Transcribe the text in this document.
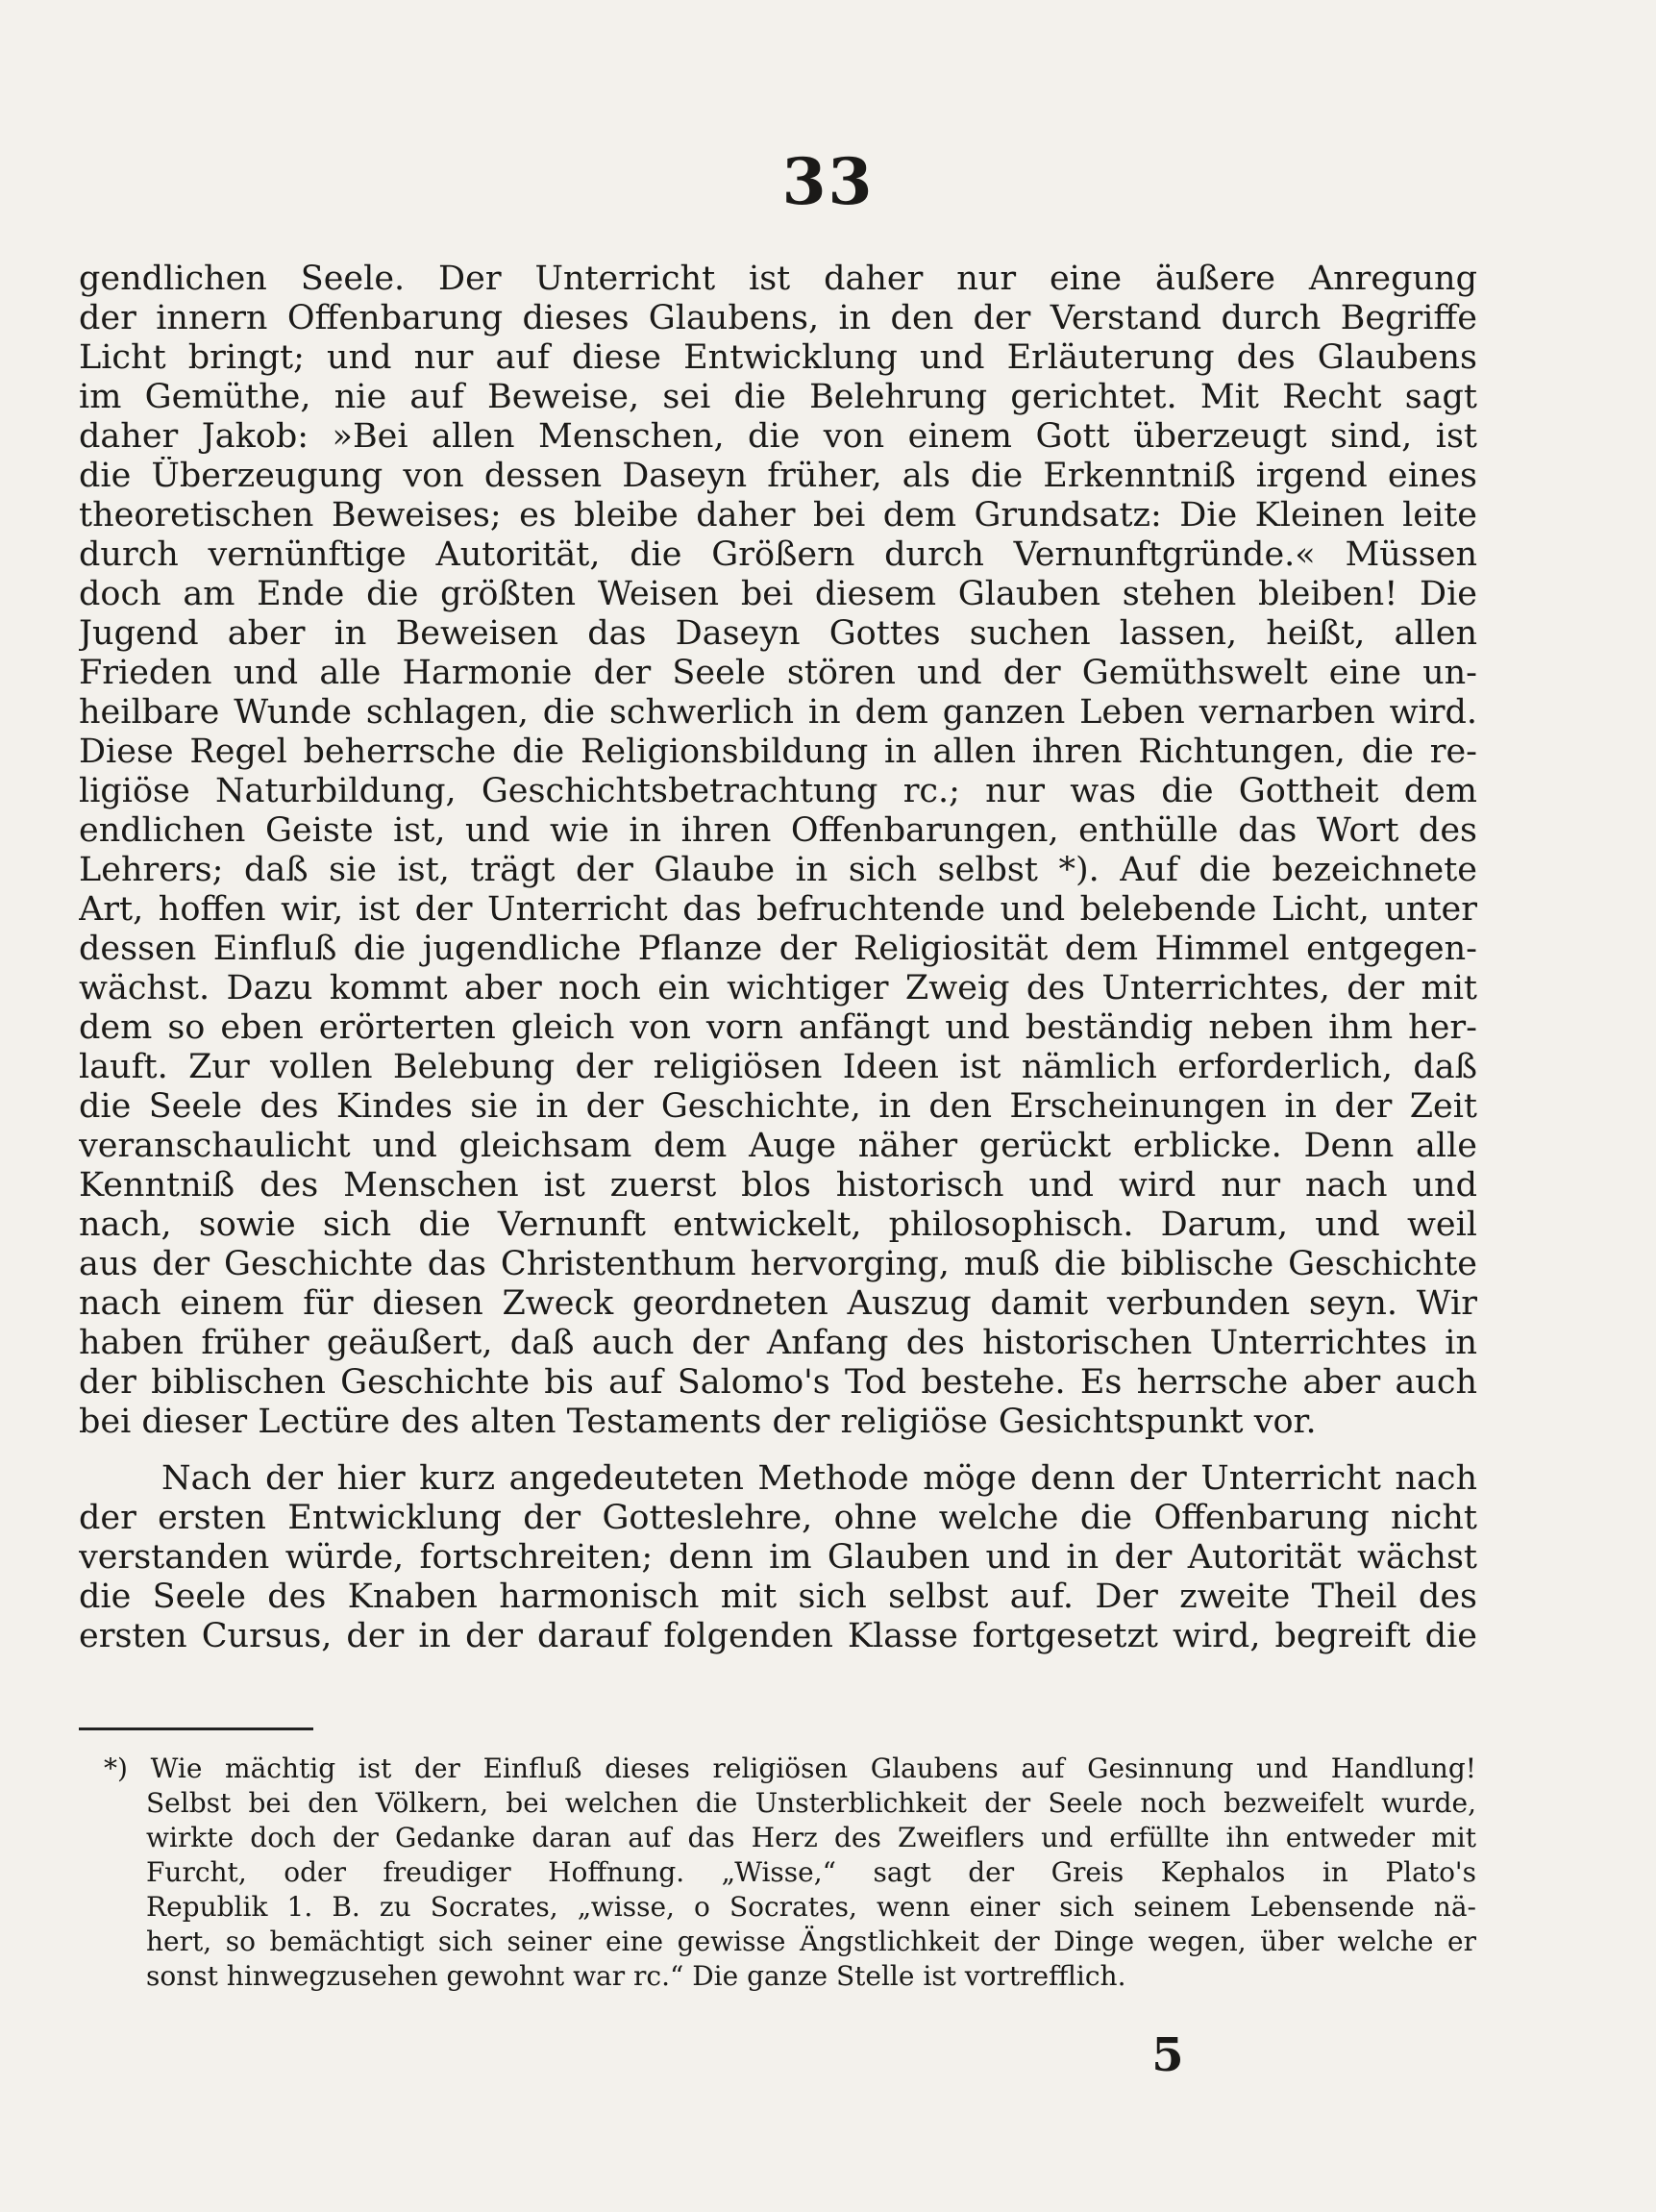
33
gendlichen Seele. Der Unterricht ist daher nur eine äußere Anregung
der innern Offenbarung dieses Glaubens, in den der Verstand durch Begriffe
Licht bringt; und nur auf diese Entwicklung und Erläuterung des Glaubens
im Gemüthe, nie auf Beweise, sei die Belehrung gerichtet. Mit Recht sagt
daher Jakob: »Bei allen Menschen, die von einem Gott überzeugt sind, ist
die Überzeugung von dessen Daseyn früher, als die Erkenntniß irgend eines
theoretischen Beweises; es bleibe daher bei dem Grundsatz: Die Kleinen leite
durch vernünftige Autorität, die Größern durch Vernunftgründe.« Müssen
doch am Ende die größten Weisen bei diesem Glauben stehen bleiben! Die
Jugend aber in Beweisen das Daseyn Gottes suchen lassen, heißt, allen
Frieden und alle Harmonie der Seele stören und der Gemüthswelt eine un-
heilbare Wunde schlagen, die schwerlich in dem ganzen Leben vernarben wird.
Diese Regel beherrsche die Religionsbildung in allen ihren Richtungen, die re-
ligiöse Naturbildung, Geschichtsbetrachtung rc.; nur was die Gottheit dem
endlichen Geiste ist, und wie in ihren Offenbarungen, enthülle das Wort des
Lehrers; daß sie ist, trägt der Glaube in sich selbst *). Auf die bezeichnete
Art, hoffen wir, ist der Unterricht das befruchtende und belebende Licht, unter
dessen Einfluß die jugendliche Pflanze der Religiosität dem Himmel entgegen-
wächst. Dazu kommt aber noch ein wichtiger Zweig des Unterrichtes, der mit
dem so eben erörterten gleich von vorn anfängt und beständig neben ihm her-
lauft. Zur vollen Belebung der religiösen Ideen ist nämlich erforderlich, daß
die Seele des Kindes sie in der Geschichte, in den Erscheinungen in der Zeit
veranschaulicht und gleichsam dem Auge näher gerückt erblicke. Denn alle
Kenntniß des Menschen ist zuerst blos historisch und wird nur nach und
nach, sowie sich die Vernunft entwickelt, philosophisch. Darum, und weil
aus der Geschichte das Christenthum hervorging, muß die biblische Geschichte
nach einem für diesen Zweck geordneten Auszug damit verbunden seyn. Wir
haben früher geäußert, daß auch der Anfang des historischen Unterrichtes in
der biblischen Geschichte bis auf Salomo's Tod bestehe. Es herrsche aber auch
bei dieser Lectüre des alten Testaments der religiöse Gesichtspunkt vor.
Nach der hier kurz angedeuteten Methode möge denn der Unterricht nach
der ersten Entwicklung der Gotteslehre, ohne welche die Offenbarung nicht
verstanden würde, fortschreiten; denn im Glauben und in der Autorität wächst
die Seele des Knaben harmonisch mit sich selbst auf. Der zweite Theil des
ersten Cursus, der in der darauf folgenden Klasse fortgesetzt wird, begreift die
*) Wie mächtig ist der Einfluß dieses religiösen Glaubens auf Gesinnung und Handlung!
Selbst bei den Völkern, bei welchen die Unsterblichkeit der Seele noch bezweifelt wurde,
wirkte doch der Gedanke daran auf das Herz des Zweiflers und erfüllte ihn entweder mit
Furcht, oder freudiger Hoffnung. „Wisse,“ sagt der Greis Kephalos in Plato's
Republik 1. B. zu Socrates, „wisse, o Socrates, wenn einer sich seinem Lebensende nä-
hert, so bemächtigt sich seiner eine gewisse Ängstlichkeit der Dinge wegen, über welche er
sonst hinwegzusehen gewohnt war rc.“ Die ganze Stelle ist vortrefflich.
5
